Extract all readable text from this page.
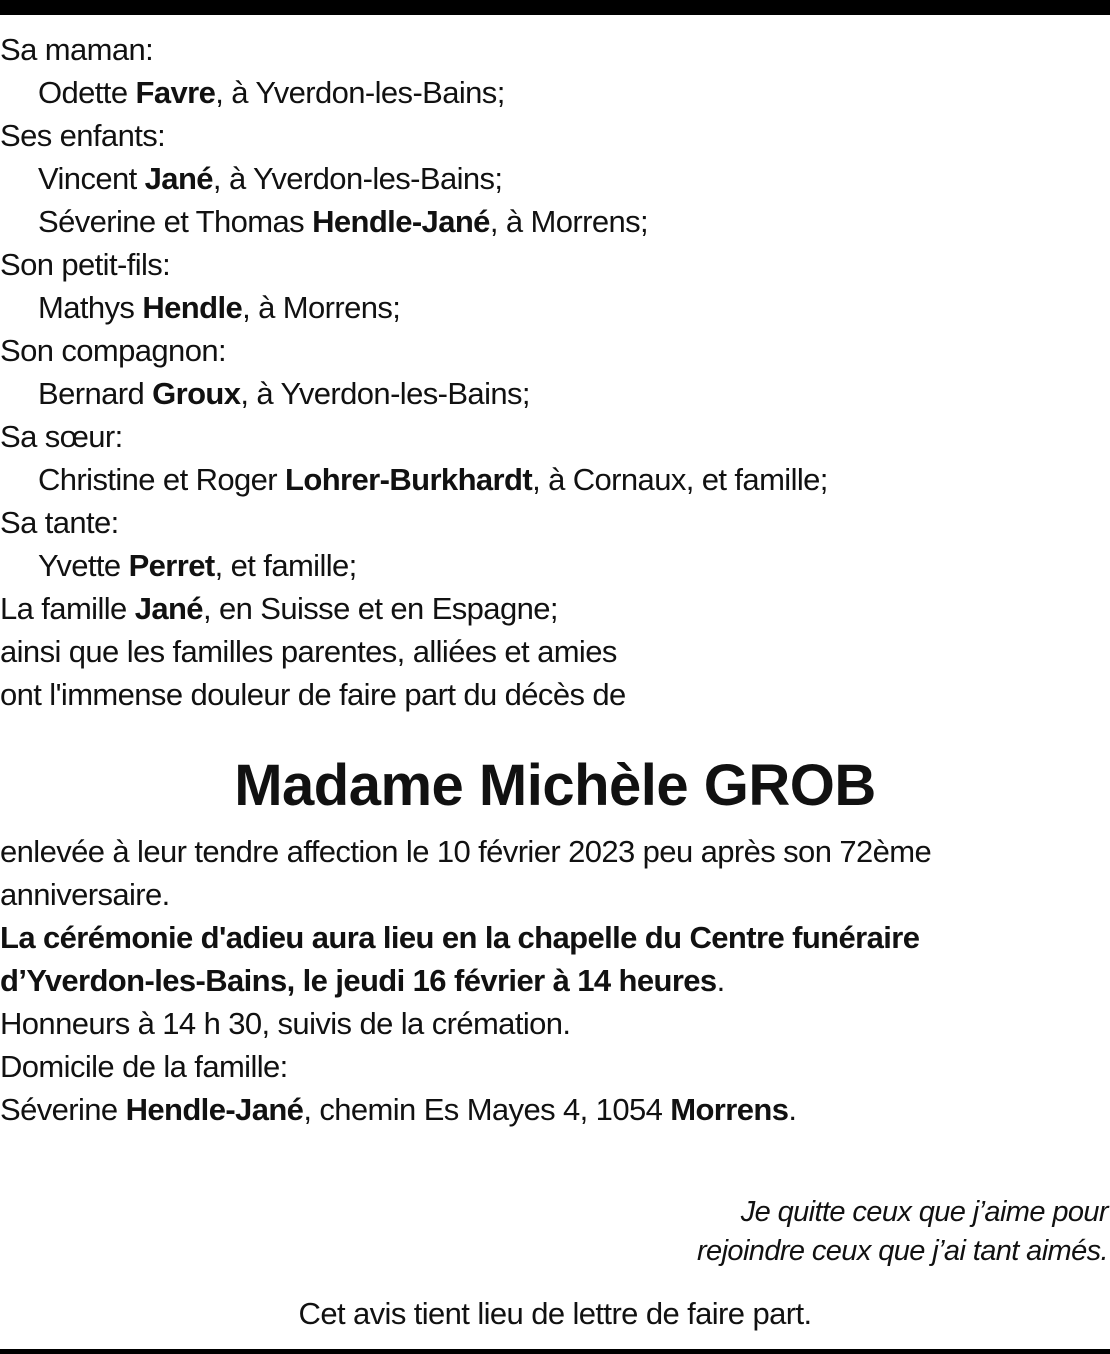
Sa maman:
Odette Favre, à Yverdon-les-Bains;
Ses enfants:
Vincent Jané, à Yverdon-les-Bains;
Séverine et Thomas Hendle-Jané, à Morrens;
Son petit-fils:
Mathys Hendle, à Morrens;
Son compagnon:
Bernard Groux, à Yverdon-les-Bains;
Sa sœur:
Christine et Roger Lohrer-Burkhardt, à Cornaux, et famille;
Sa tante:
Yvette Perret, et famille;
La famille Jané, en Suisse et en Espagne;
ainsi que les familles parentes, alliées et amies
ont l'immense douleur de faire part du décès de
Madame Michèle GROB
enlevée à leur tendre affection le 10 février 2023 peu après son 72ème
anniversaire.
La cérémonie d'adieu aura lieu en la chapelle du Centre funéraire
d’Yverdon-les-Bains, le jeudi 16 février à 14 heures.
Honneurs à 14 h 30, suivis de la crémation.
Domicile de la famille:
Séverine Hendle-Jané, chemin Es Mayes 4, 1054 Morrens.
Je quitte ceux que j’aime pour
rejoindre ceux que j’ai tant aimés.
Cet avis tient lieu de lettre de faire part.
